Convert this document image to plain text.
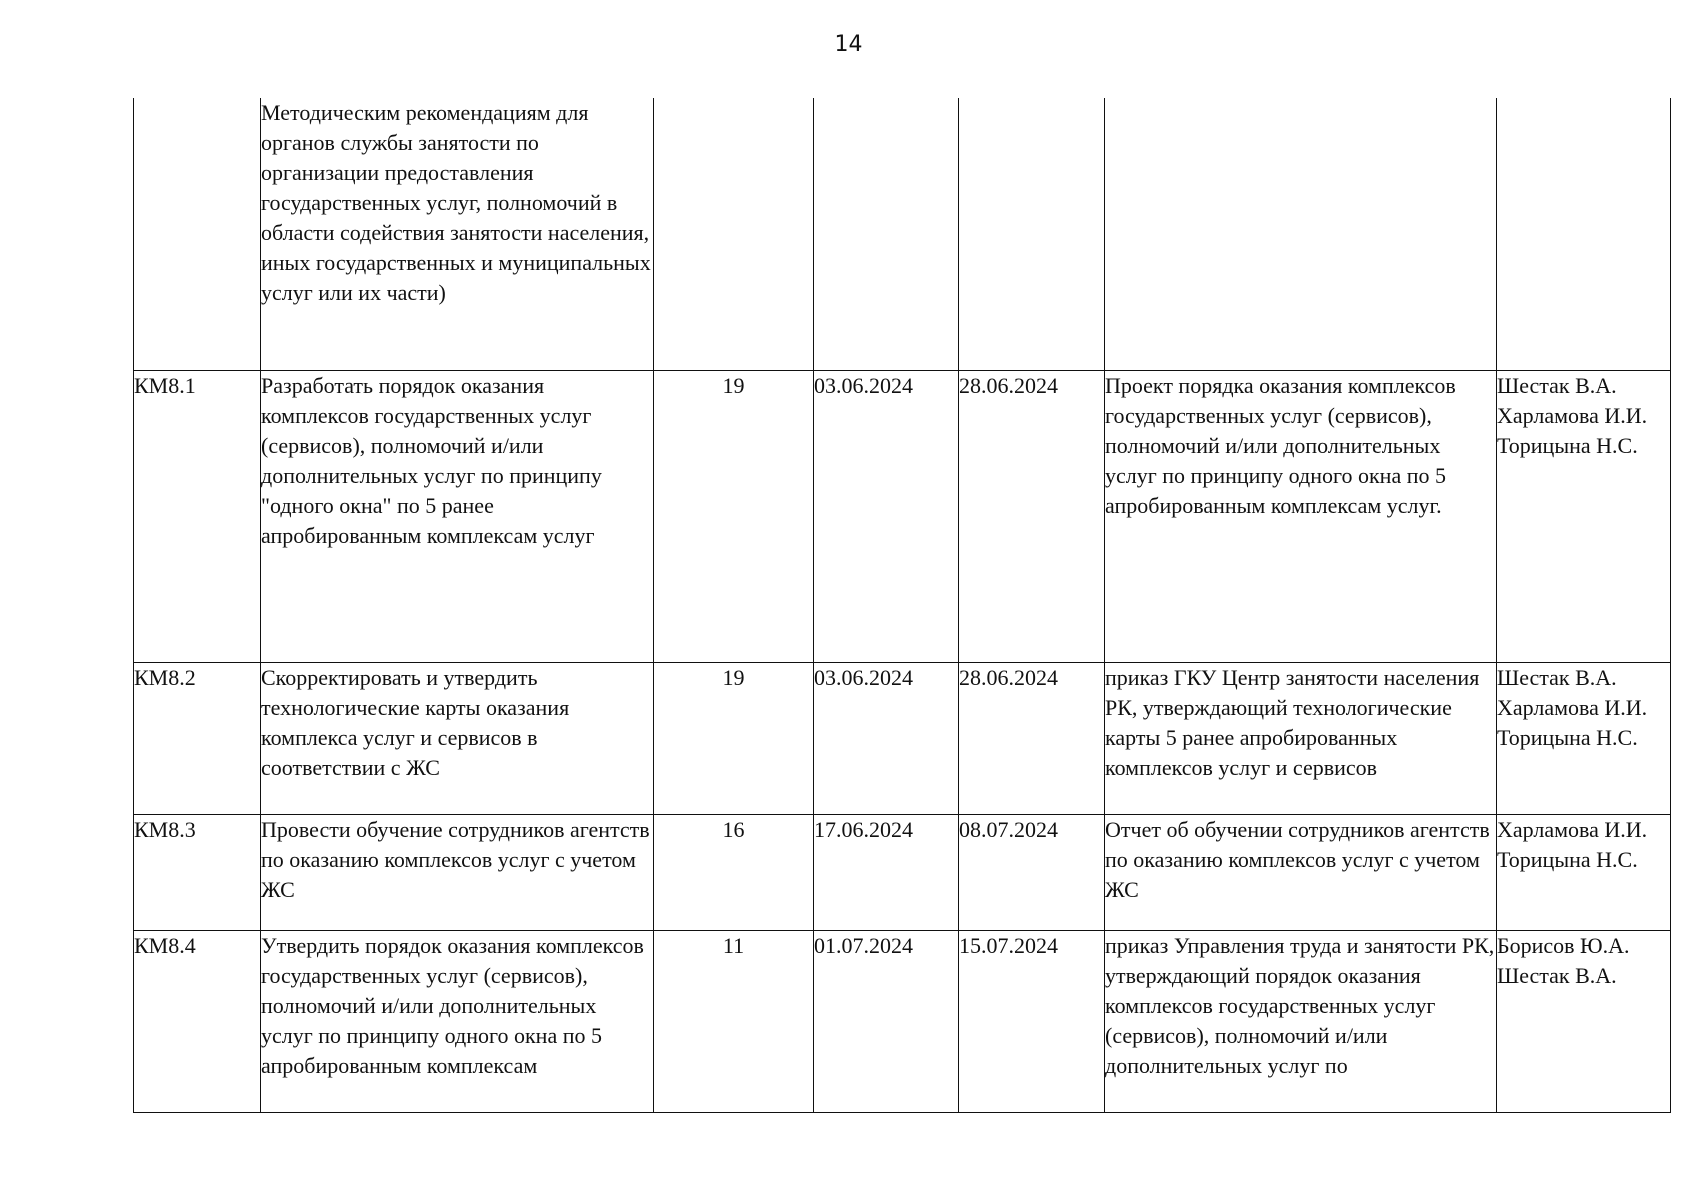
14
	Методическим рекомендациям для органов службы занятости по организации предоставления государственных услуг, полномочий в области содействия занятости населения, иных государственных и муниципальных услуг или их части)					
КМ8.1	Разработать порядок оказания комплексов государственных услуг (сервисов), полномочий и/или дополнительных услуг по принципу "одного окна" по 5 ранее апробированным комплексам услуг	19	03.06.2024	28.06.2024	Проект порядка оказания комплексов государственных услуг (сервисов), полномочий и/или дополнительных услуг по принципу одного окна по 5 апробированным комплексам услуг.	Шестак В.А.
Харламова И.И.
Торицына Н.С.
КМ8.2	Скорректировать и утвердить технологические карты оказания комплекса услуг и сервисов в соответствии с ЖС	19	03.06.2024	28.06.2024	приказ ГКУ Центр занятости населения РК, утверждающий технологические карты 5 ранее апробированных комплексов услуг и сервисов	Шестак В.А.
Харламова И.И.
Торицына Н.С.
КМ8.3	Провести обучение сотрудников агентств по оказанию комплексов услуг с учетом ЖС	16	17.06.2024	08.07.2024	Отчет об обучении сотрудников агентств по оказанию комплексов услуг с учетом ЖС	Харламова И.И.
Торицына Н.С.
КМ8.4	Утвердить порядок оказания комплексов государственных услуг (сервисов), полномочий и/или дополнительных услуг по принципу одного окна по 5 апробированным комплексам	11	01.07.2024	15.07.2024	приказ Управления труда и занятости РК, утверждающий порядок оказания комплексов государственных услуг (сервисов), полномочий и/или дополнительных услуг по	Борисов Ю.А.
Шестак В.А.
